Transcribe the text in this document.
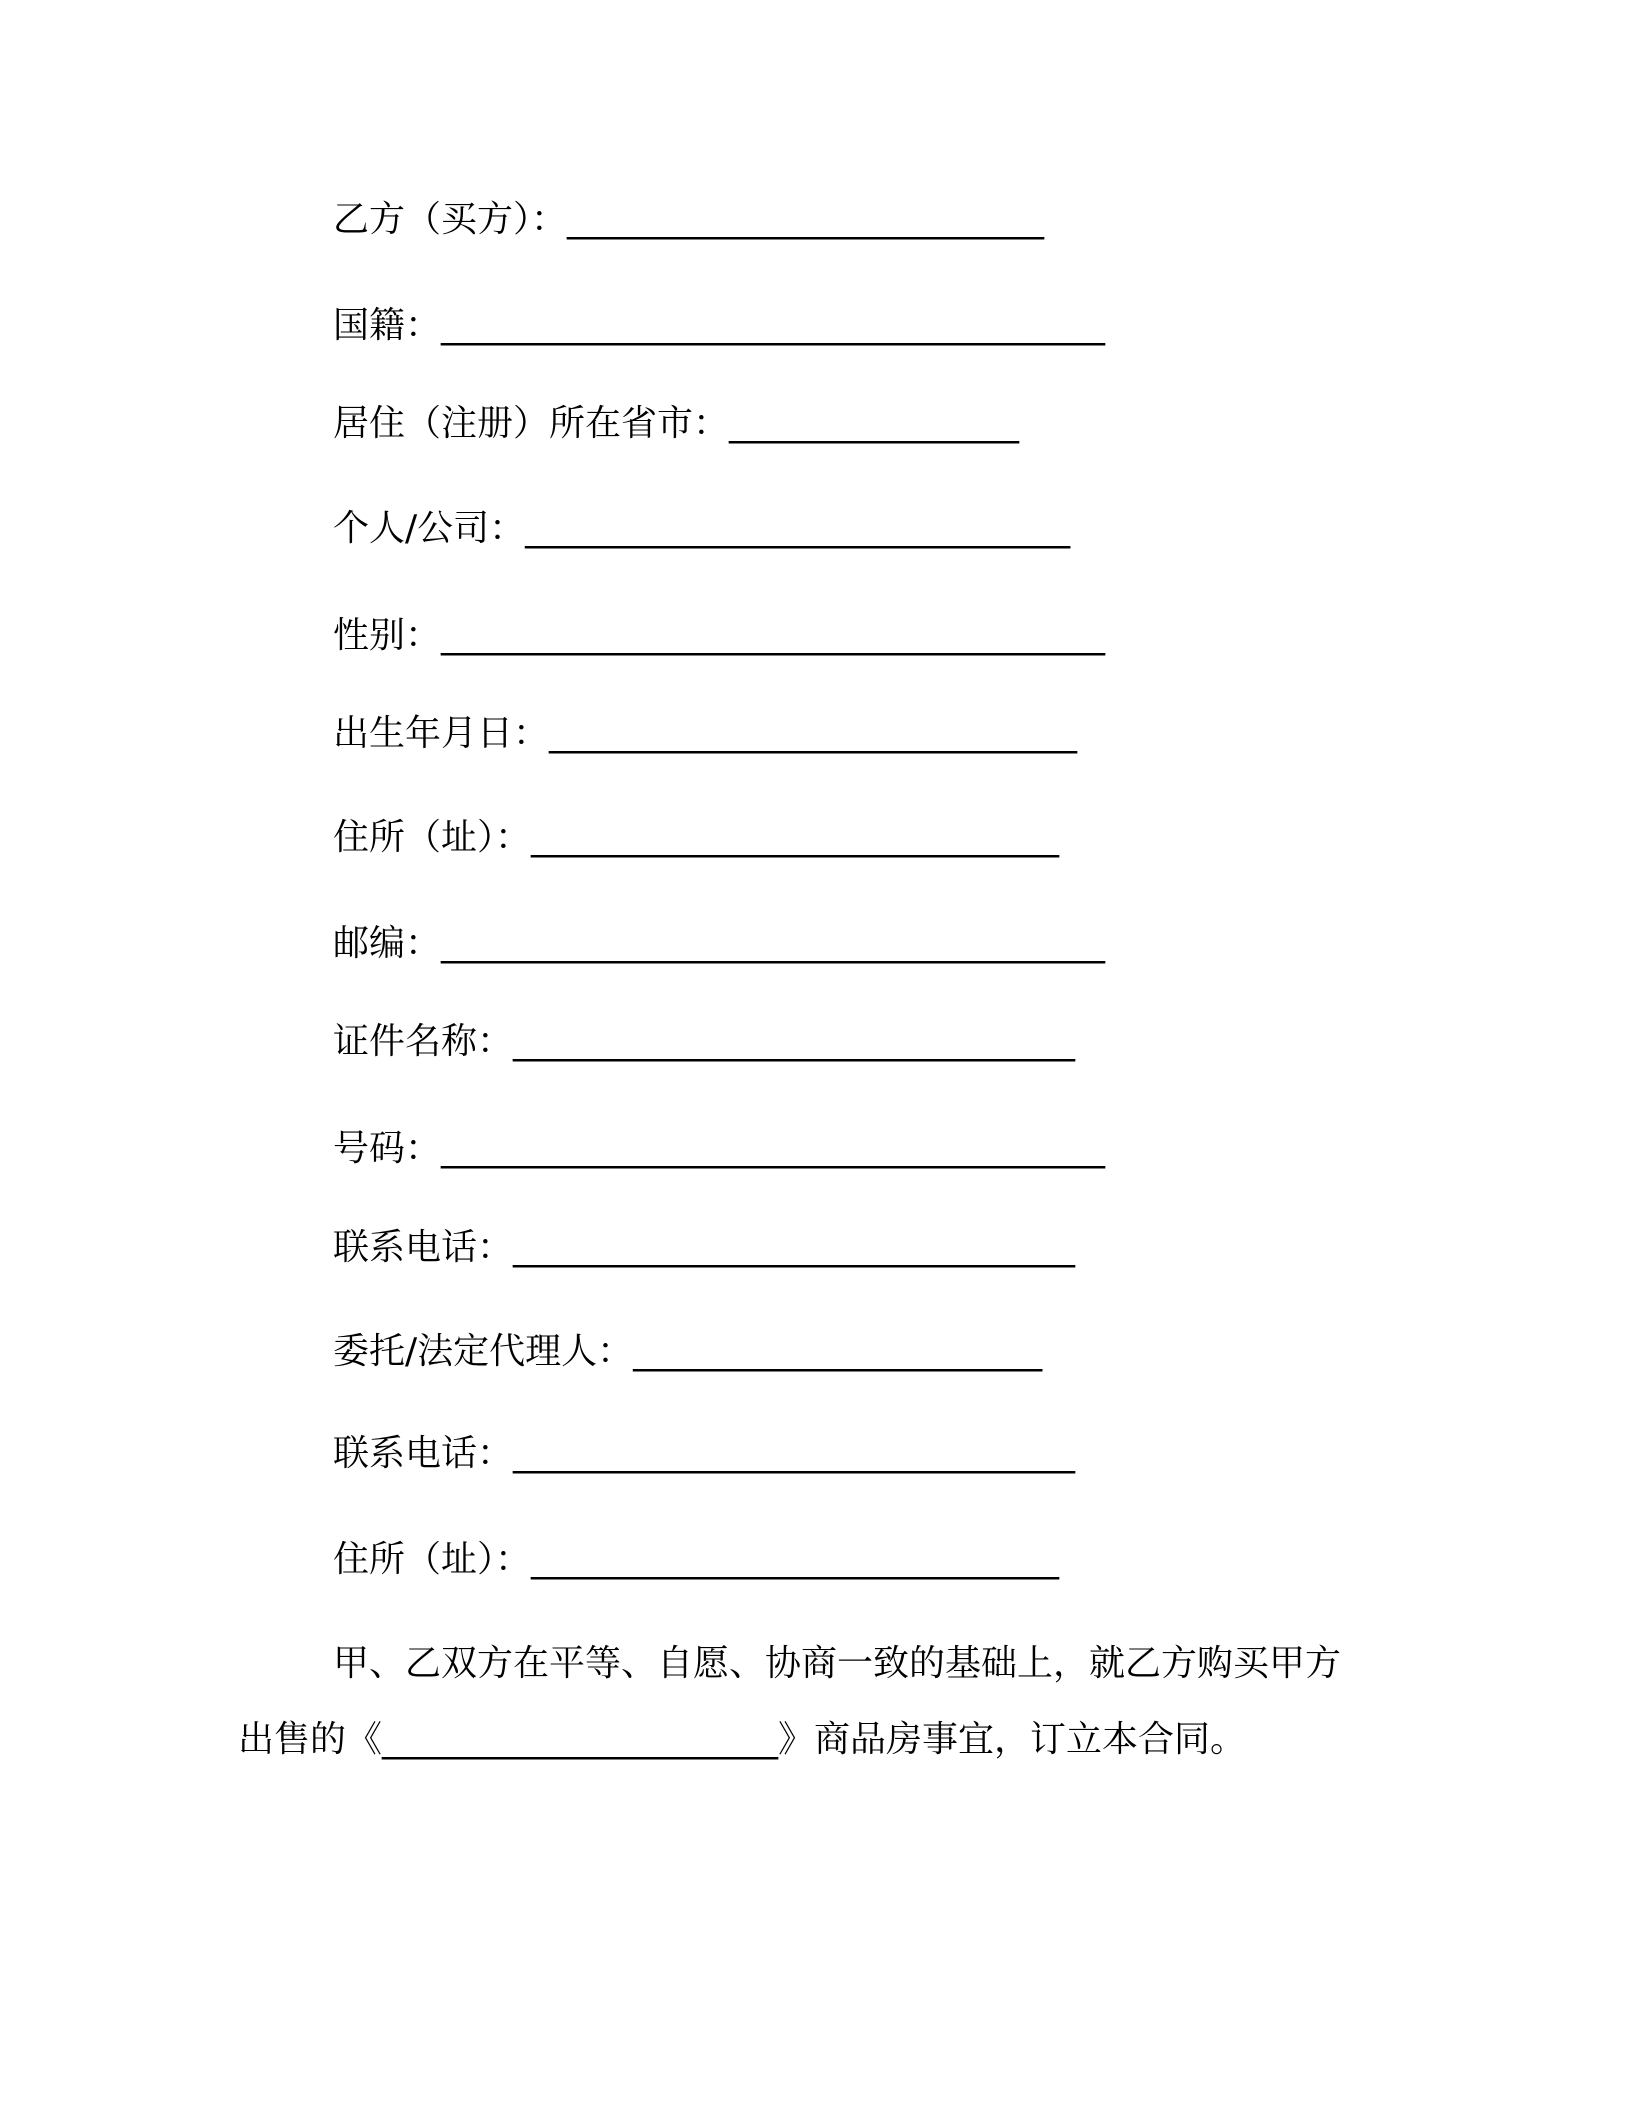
乙方（买方）：____________________________
国籍：_______________________________________
居住（注册）所在省市：_________________
个人/公司：________________________________
性别：_______________________________________
出生年月日：_______________________________
住所（址）：_______________________________
邮编：_______________________________________
证件名称：_________________________________
号码：_______________________________________
联系电话：_________________________________
委托/法定代理人：________________________
联系电话：_________________________________
住所（址）：_______________________________
甲、乙双方在平等、自愿、协商一致的基础上，就乙方购买甲方
出售的《______________________》商品房事宜，订立本合同。
